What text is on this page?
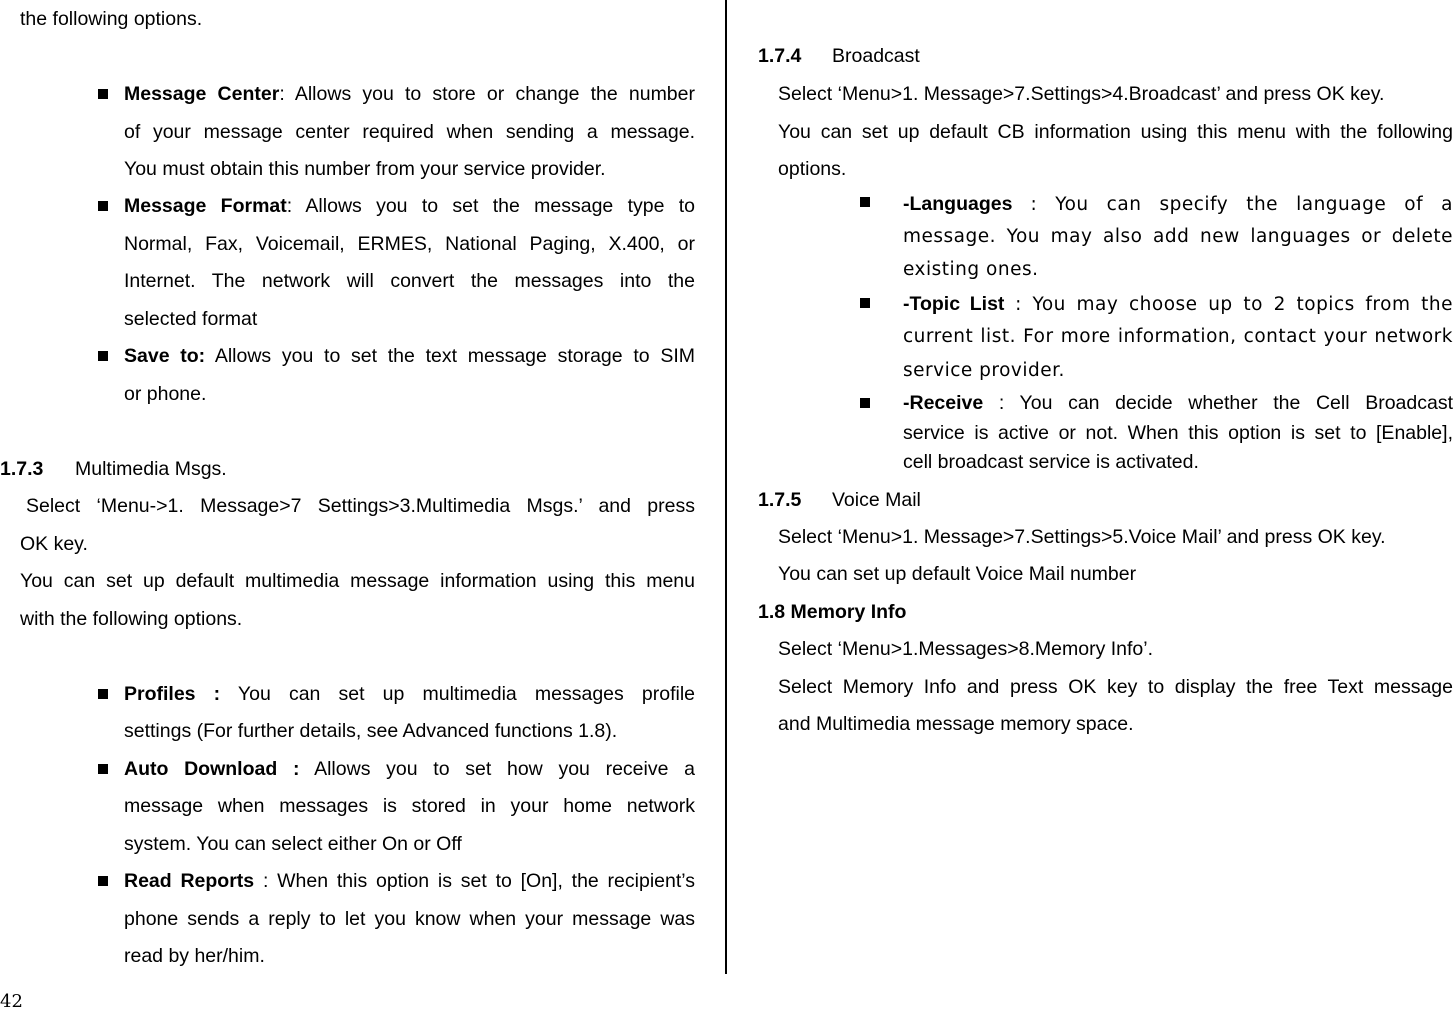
the following options.
Message Center: Allows you to store or change the number
of your message center required when sending a message.
You must obtain this number from your service provider.
Message Format: Allows you to set the message type to
Normal, Fax, Voicemail, ERMES, National Paging, X.400, or
Internet. The network will convert the messages into the
selected format
Save to: Allows you to set the text message storage to SIM
or phone.
1.7.3 Multimedia Msgs.
Select ‘Menu->1. Message>7 Settings>3.Multimedia Msgs.’ and press
OK key.
You can set up default multimedia message information using this menu
with the following options.
Profiles : You can set up multimedia messages profile
settings (For further details, see Advanced functions 1.8).
Auto Download : Allows you to set how you receive a
message when messages is stored in your home network
system. You can select either On or Off
Read Reports : When this option is set to [On], the recipient’s
phone sends a reply to let you know when your message was
read by her/him.
1.7.4 Broadcast
Select ‘Menu>1. Message>7.Settings>4.Broadcast’ and press OK key.
You can set up default CB information using this menu with the following
options.
-Languages : You can specify the language of a
message. You may also add new languages or delete
existing ones.
-Topic List : You may choose up to 2 topics from the
current list. For more information, contact your network
service provider.
-Receive : You can decide whether the Cell Broadcast
service is active or not. When this option is set to [Enable],
cell broadcast service is activated.
1.7.5 Voice Mail
Select ‘Menu>1. Message>7.Settings>5.Voice Mail’ and press OK key.
You can set up default Voice Mail number
1.8 Memory Info
Select ‘Menu>1.Messages>8.Memory Info’.
Select Memory Info and press OK key to display the free Text message
and Multimedia message memory space.
42
